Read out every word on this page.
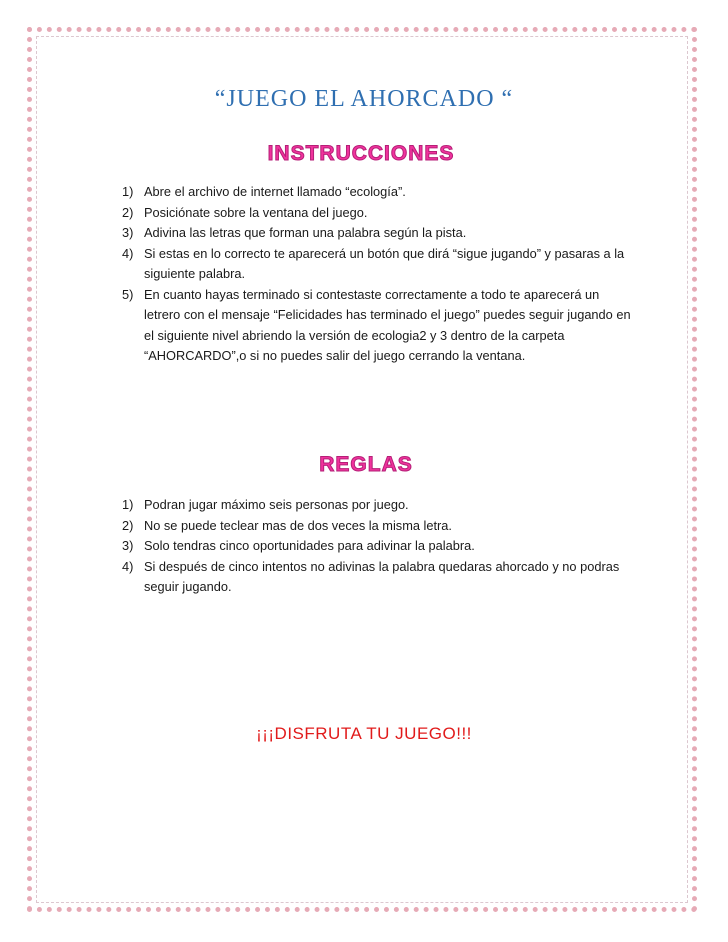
“JUEGO EL AHORCADO “
INSTRUCCIONES
1) Abre el archivo de internet llamado “ecología”.
2) Posiciónate sobre la ventana del juego.
3) Adivina las letras que forman una palabra según la pista.
4) Si estas en lo correcto te aparecerá un botón que dirá “sigue jugando” y pasaras a la siguiente palabra.
5) En cuanto hayas terminado si contestaste correctamente a todo te aparecerá un letrero con el mensaje “Felicidades has terminado el juego” puedes seguir jugando en el siguiente nivel abriendo la versión de ecologia2 y 3 dentro de la carpeta “AHORCARDO”,o si no puedes salir del juego cerrando la ventana.
REGLAS
1) Podran jugar máximo seis personas por juego.
2) No se puede teclear mas de dos veces la misma letra.
3) Solo tendras cinco oportunidades para adivinar la palabra.
4) Si después de cinco intentos no adivinas la palabra quedaras ahorcado y no podras seguir jugando.
¡¡¡DISFRUTA TU JUEGO!!!
